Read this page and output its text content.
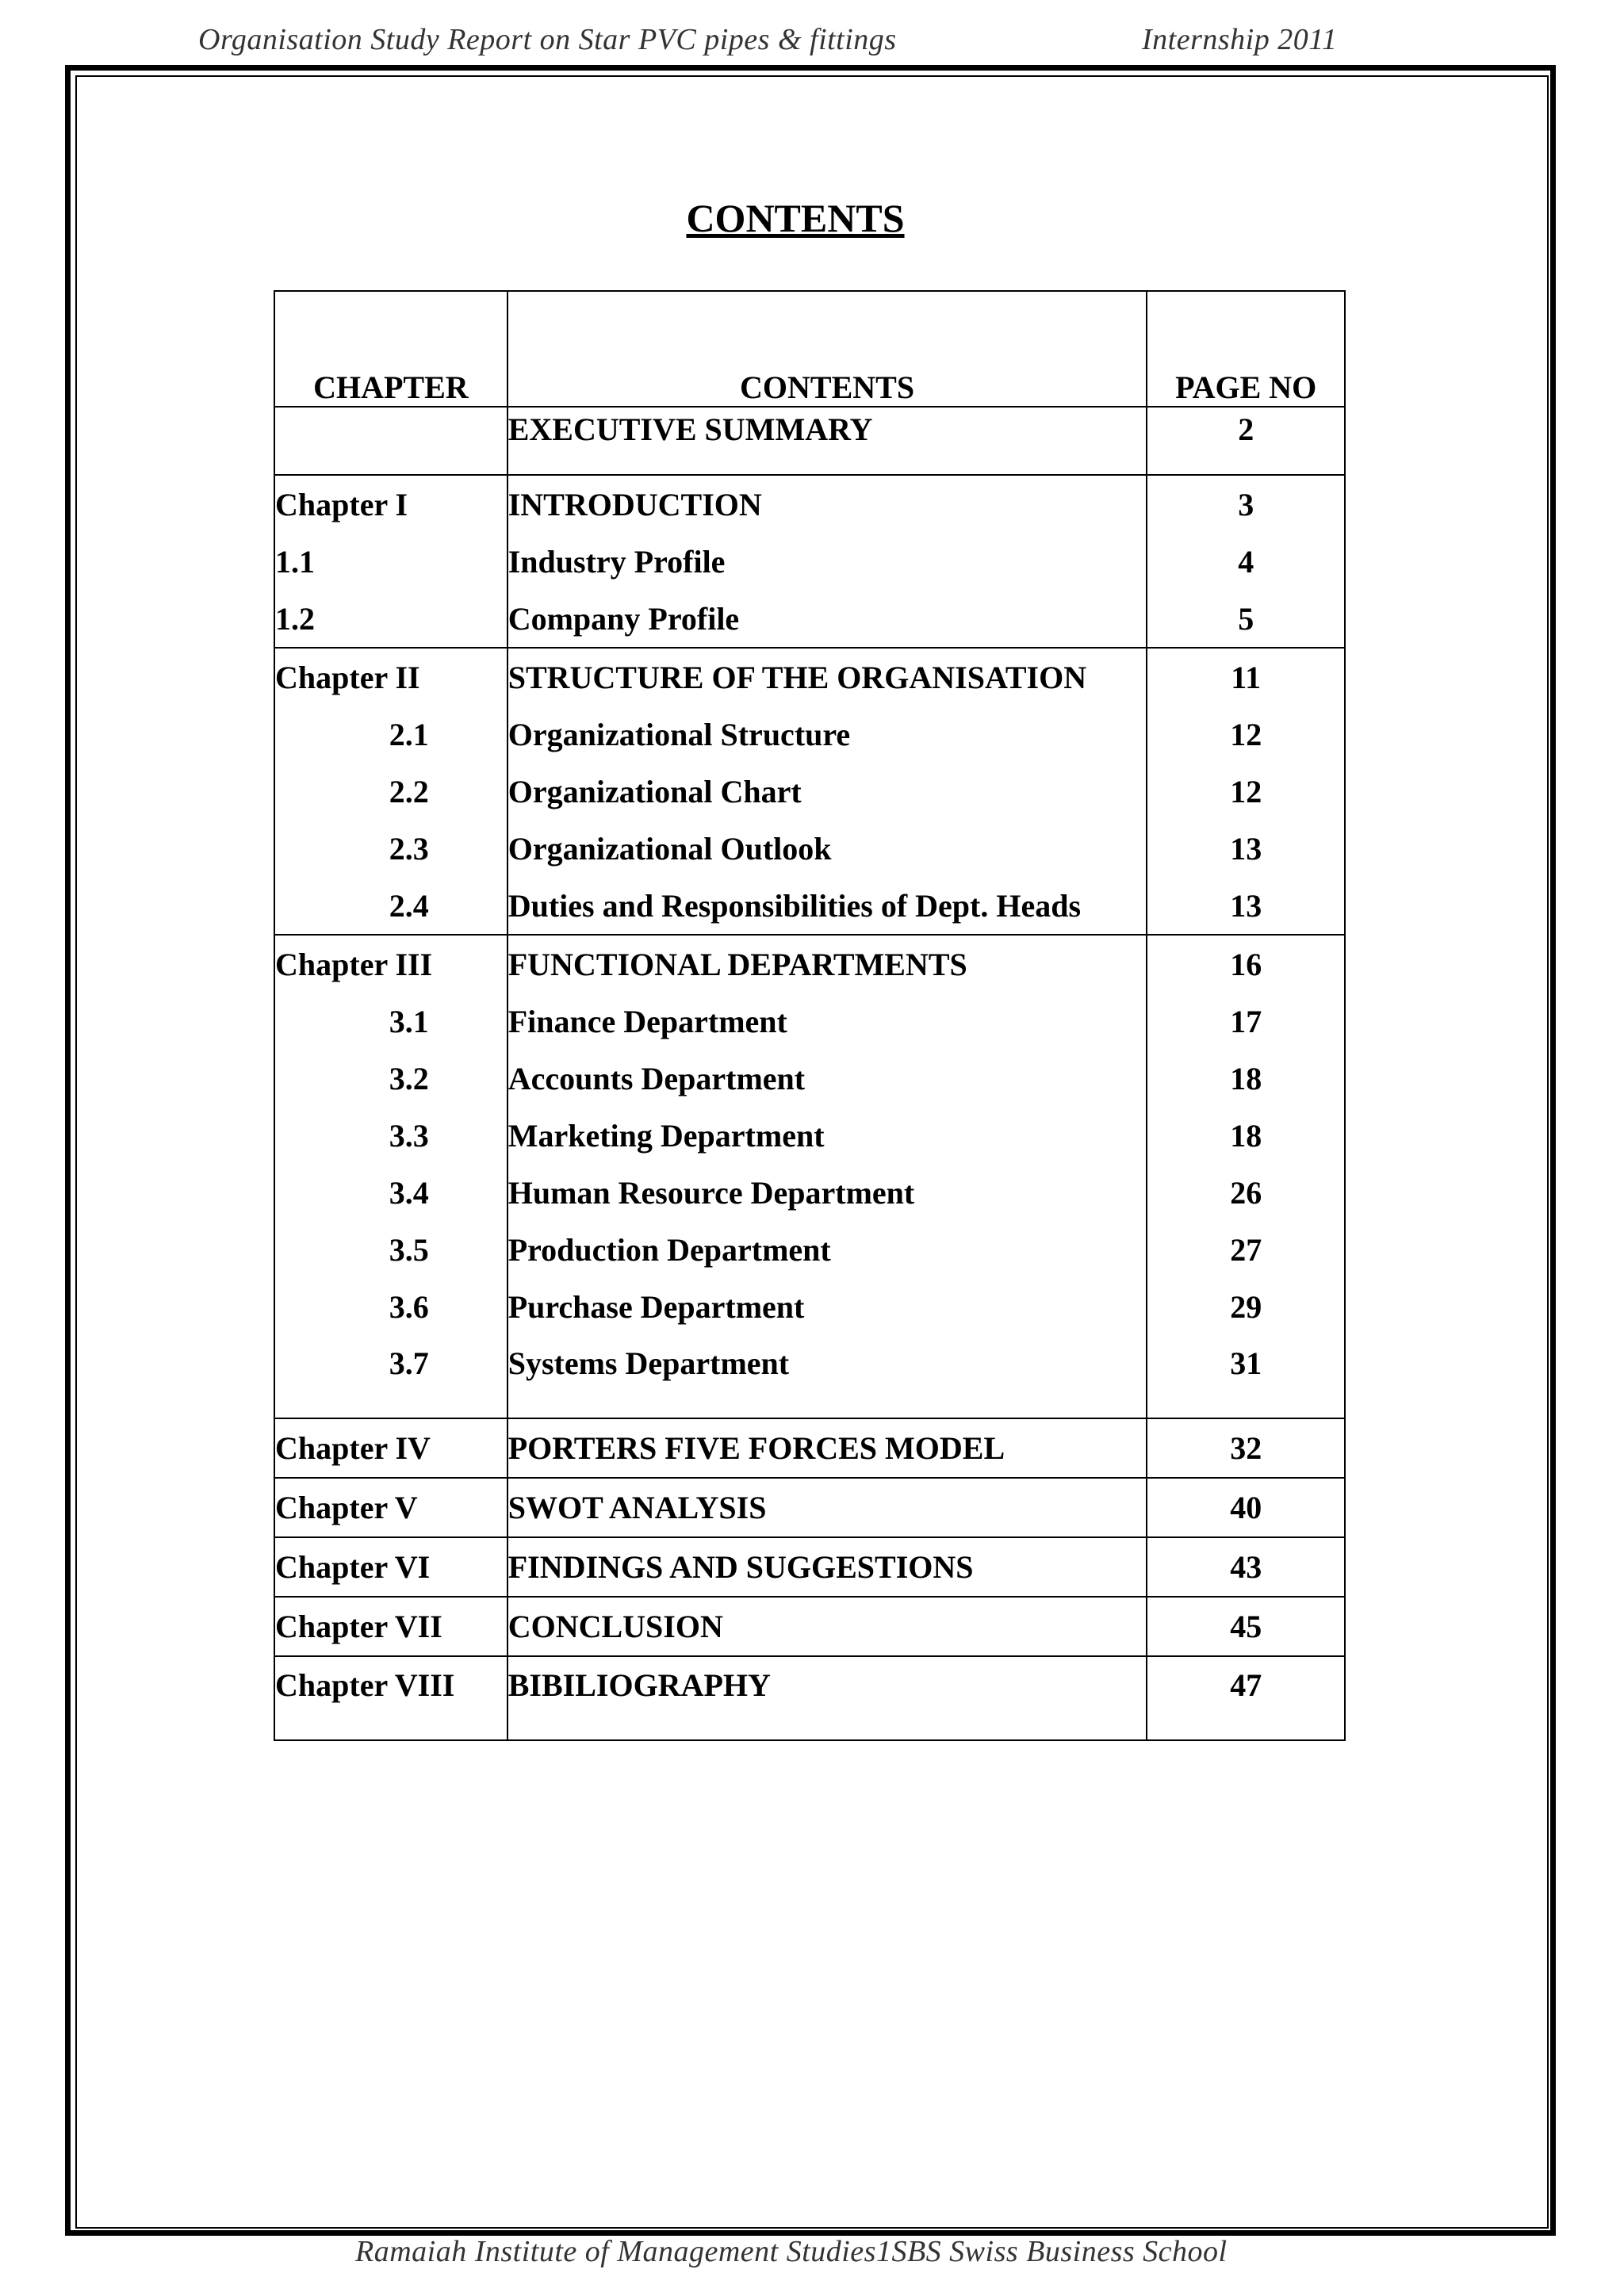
Organisation Study Report on Star PVC pipes & fittings	Internship 2011
CONTENTS
CHAPTER	CONTENTS	PAGE NO
	EXECUTIVE SUMMARY	2
Chapter I	INTRODUCTION	3
1.1	Industry Profile	4
1.2	Company Profile	5
Chapter II	STRUCTURE OF THE ORGANISATION	11
2.1	Organizational Structure	12
2.2	Organizational Chart	12
2.3	Organizational Outlook	13
2.4	Duties and Responsibilities of Dept. Heads	13
Chapter III	FUNCTIONAL DEPARTMENTS	16
3.1	Finance Department	17
3.2	Accounts Department	18
3.3	Marketing Department	18
3.4	Human Resource Department	26
3.5	Production Department	27
3.6	Purchase Department	29
3.7	Systems Department	31
Chapter IV	PORTERS FIVE FORCES MODEL	32
Chapter V	SWOT ANALYSIS	40
Chapter VI	FINDINGS AND SUGGESTIONS	43
Chapter VII	CONCLUSION	45
Chapter VIII	BIBILIOGRAPHY	47
Ramaiah Institute of Management Studies1SBS Swiss Business School
